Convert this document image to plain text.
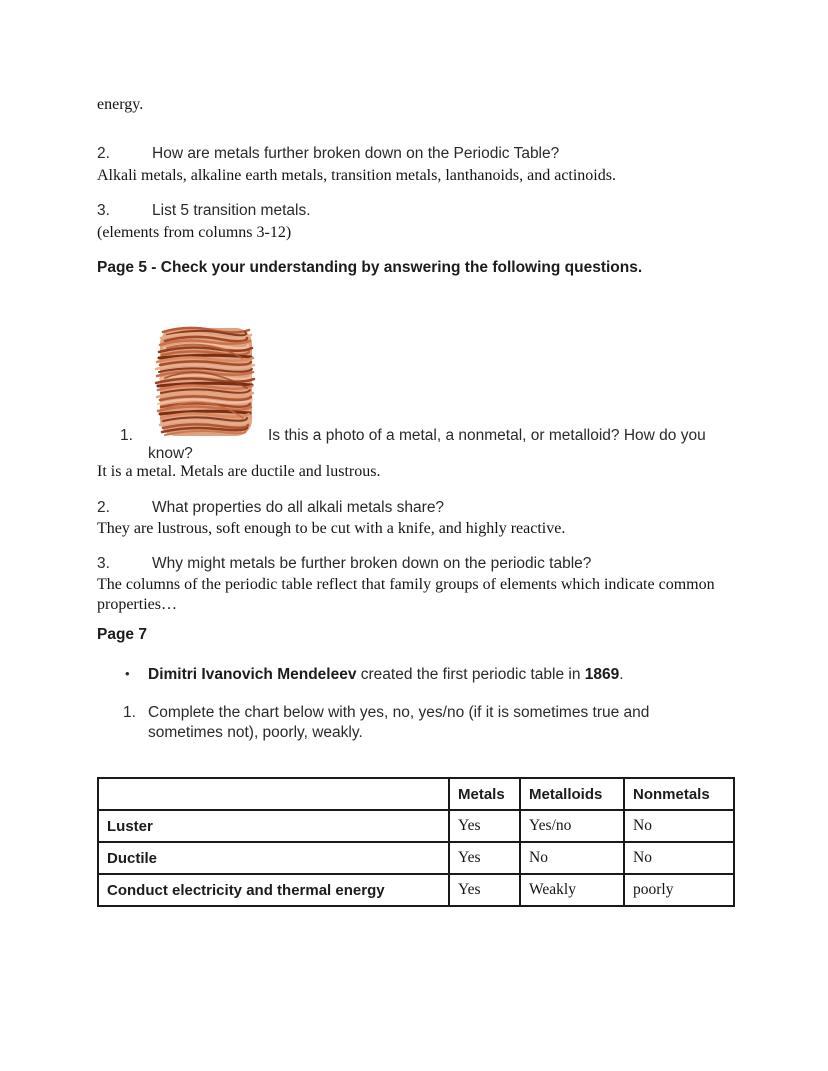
energy.
2.	How are metals further broken down on the Periodic Table?
Alkali metals, alkaline earth metals, transition metals, lanthanoids, and actinoids.
3.	List 5 transition metals.
(elements from columns 3-12)
Page 5 - Check your understanding by answering the following questions.
1.	Is this a photo of a metal, a nonmetal, or metalloid? How do you
know?
It is a metal. Metals are ductile and lustrous.
2.	What properties do all alkali metals share?
They are lustrous, soft enough to be cut with a knife, and highly reactive.
3.	Why might metals be further broken down on the periodic table?
The columns of the periodic table reflect that family groups of elements which indicate common
properties…
Page 7
• Dimitri Ivanovich Mendeleev created the first periodic table in 1869.
1. Complete the chart below with yes, no, yes/no (if it is sometimes true and
sometimes not), poorly, weakly.
	Metals	Metalloids	Nonmetals
Luster	Yes	Yes/no	No
Ductile	Yes	No	No
Conduct electricity and thermal energy	Yes	Weakly	poorly
